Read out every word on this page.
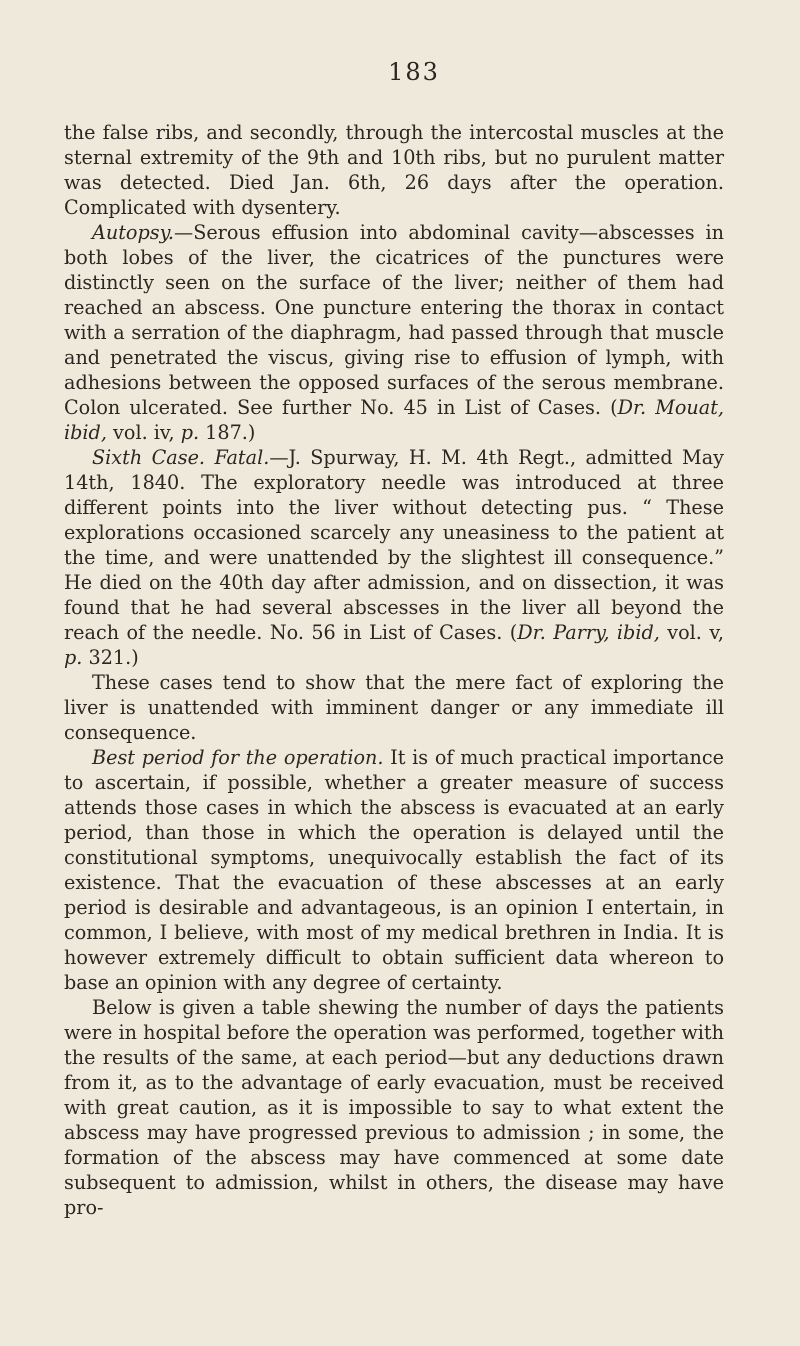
183

the false ribs, and secondly, through the intercostal muscles at the sternal extremity of the 9th and 10th ribs, but no purulent matter was detected. Died Jan. 6th, 26 days after the operation. Complicated with dysentery.

Autopsy.—Serous effusion into abdominal cavity—abscesses in both lobes of the liver, the cicatrices of the punctures were distinctly seen on the surface of the liver; neither of them had reached an abscess. One puncture entering the thorax in contact with a serration of the diaphragm, had passed through that muscle and penetrated the viscus, giving rise to effusion of lymph, with adhesions between the opposed surfaces of the serous membrane. Colon ulcerated. See further No. 45 in List of Cases. (Dr. Mouat, ibid, vol. iv, p. 187.)

Sixth Case. Fatal.—J. Spurway, H. M. 4th Regt., admitted May 14th, 1840. The exploratory needle was introduced at three different points into the liver without detecting pus. “ These explorations occasioned scarcely any uneasiness to the patient at the time, and were unattended by the slightest ill consequence.” He died on the 40th day after admission, and on dissection, it was found that he had several abscesses in the liver all beyond the reach of the needle. No. 56 in List of Cases. (Dr. Parry, ibid, vol. v, p. 321.)

These cases tend to show that the mere fact of exploring the liver is unattended with imminent danger or any immediate ill consequence.

Best period for the operation. It is of much practical importance to ascertain, if possible, whether a greater measure of success attends those cases in which the abscess is evacuated at an early period, than those in which the operation is delayed until the constitutional symptoms, unequivocally establish the fact of its existence. That the evacuation of these abscesses at an early period is desirable and advantageous, is an opinion I entertain, in common, I believe, with most of my medical brethren in India. It is however extremely difficult to obtain sufficient data whereon to base an opinion with any degree of certainty.

Below is given a table shewing the number of days the patients were in hospital before the operation was performed, together with the results of the same, at each period—but any deductions drawn from it, as to the advantage of early evacuation, must be received with great caution, as it is impossible to say to what extent the abscess may have progressed previous to admission ; in some, the formation of the abscess may have commenced at some date subsequent to admission, whilst in others, the disease may have pro-
